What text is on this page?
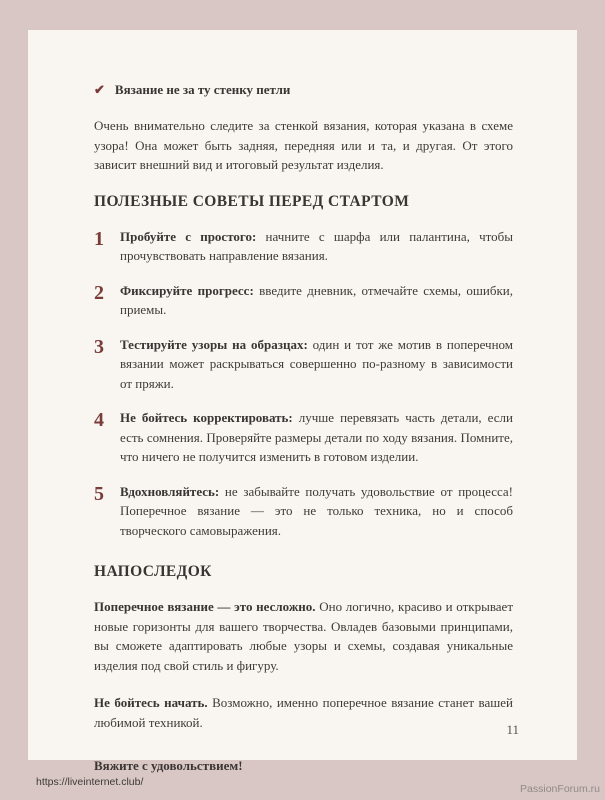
✔ Вязание не за ту стенку петли

Очень внимательно следите за стенкой вязания, которая указана в схеме узора! Она может быть задняя, передняя или и та, и другая. От этого зависит внешний вид и итоговый результат изделия.

ПОЛЕЗНЫЕ СОВЕТЫ ПЕРЕД СТАРТОМ
1	Пробуйте с простого: начните с шарфа или палантина, чтобы прочувствовать направление вязания.

2	Фиксируйте прогресс: введите дневник, отмечайте схемы, ошибки, приемы.

3	Тестируйте узоры на образцах: один и тот же мотив в поперечном вязании может раскрываться совершенно по-разному в зависимости от пряжи.

4	Не бойтесь корректировать: лучше перевязать часть детали, если есть сомнения. Проверяйте размеры детали по ходу вязания. Помните, что ничего не получится изменить в готовом изделии.

5	Вдохновляйтесь: не забывайте получать удовольствие от процесса! Поперечное вязание — это не только техника, но и способ творческого самовыражения.

НАПОСЛЕДОК

Поперечное вязание — это несложно. Оно логично, красиво и открывает новые горизонты для вашего творчества. Овладев базовыми принципами, вы сможете адаптировать любые узоры и схемы, создавая уникальные изделия под свой стиль и фигуру.

Не бойтесь начать. Возможно, именно поперечное вязание станет вашей любимой техникой.

Вяжите с удовольствием!

11
https://liveinternet.club/
PassionForum.ru
